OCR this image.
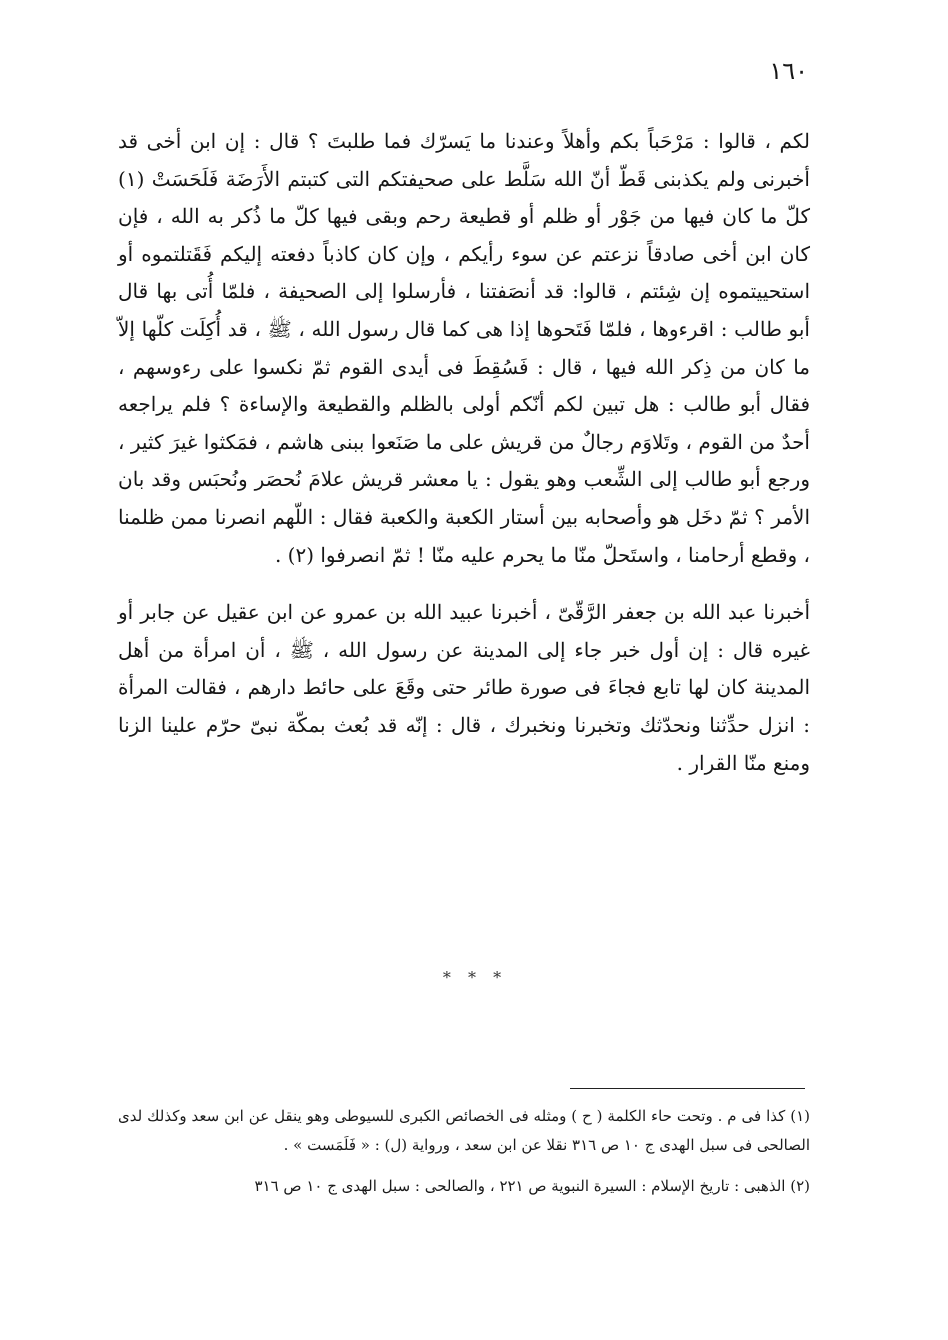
١٦٠

لكم ، قالوا : مَرْحَباً بكم وأهلاً وعندنا ما يَسرّك فما طلبتَ ؟ قال : إن ابن أخى قد أخبرنى ولم يكذبنى قَطّ أنّ الله سَلَّط على صحيفتكم التى كتبتم الأَرَضَة فَلَحَسَتْ (١) كلّ ما كان فيها من جَوْر أو ظلم أو قطيعة رحم وبقى فيها كلّ ما ذُكر به الله ، فإن كان ابن أخى صادقاً نزعتم عن سوء رأيكم ، وإن كان كاذباً دفعته إليكم فَقَتلتموه أو استحييتموه إن شِئتم ، قالوا: قد أنصَفتنا ، فأرسلوا إلى الصحيفة ، فلمّا أُتى بها قال أبو طالب : اقرءوها ، فلمّا فَتَحوها إذا هى كما قال رسول الله ، ﷺ ، قد أُكِلَت كلّها إلاّ ما كان من ذِكر الله فيها ، قال : فَسُقِطَ فى أيدى القوم ثمّ نكسوا على رءوسهم ، فقال أبو طالب : هل تبين لكم أنّكم أولى بالظلم والقطيعة والإساءة ؟ فلم يراجعه أحدٌ من القوم ، وتَلاوَم رجالٌ من قريش على ما صَنَعوا ببنى هاشم ، فمَكثوا غيرَ كثير ، ورجع أبو طالب إلى الشِّعب وهو يقول : يا معشر قريش علامَ نُحصَر ونُحبَس وقد بان الأمر ؟ ثمّ دخَل هو وأصحابه بين أستار الكعبة والكعبة فقال : اللّهم انصرنا ممن ظلمنا ، وقطع أرحامنا ، واستَحلّ منّا ما يحرم عليه منّا ! ثمّ انصرفوا (٢) .

أخبرنا عبد الله بن جعفر الرَّقّىّ ، أخبرنا عبيد الله بن عمرو عن ابن عقيل عن جابر أو غيره قال : إن أول خبر جاء إلى المدينة عن رسول الله ، ﷺ ، أن امرأة من أهل المدينة كان لها تابع فجاءَ فى صورة طائر حتى وقَعَ على حائط دارهم ، فقالت المرأة : انزل حدِّثنا ونحدّثك وتخبرنا ونخبرك ، قال : إنّه قد بُعث بمكّة نبىّ حرّم علينا الزنا ومنع منّا القرار .

* * *

(١) كذا فى م . وتحت حاء الكلمة ( ح ) ومثله فى الخصائص الكبرى للسيوطى وهو ينقل عن ابن سعد وكذلك لدى الصالحى فى سبل الهدى ج ١٠ ص ٣١٦ نقلا عن ابن سعد ، ورواية (ل) : « فَلَمَست » .

(٢) الذهبى : تاريخ الإسلام : السيرة النبوية ص ٢٢١ ، والصالحى : سبل الهدى ج ١٠ ص ٣١٦
